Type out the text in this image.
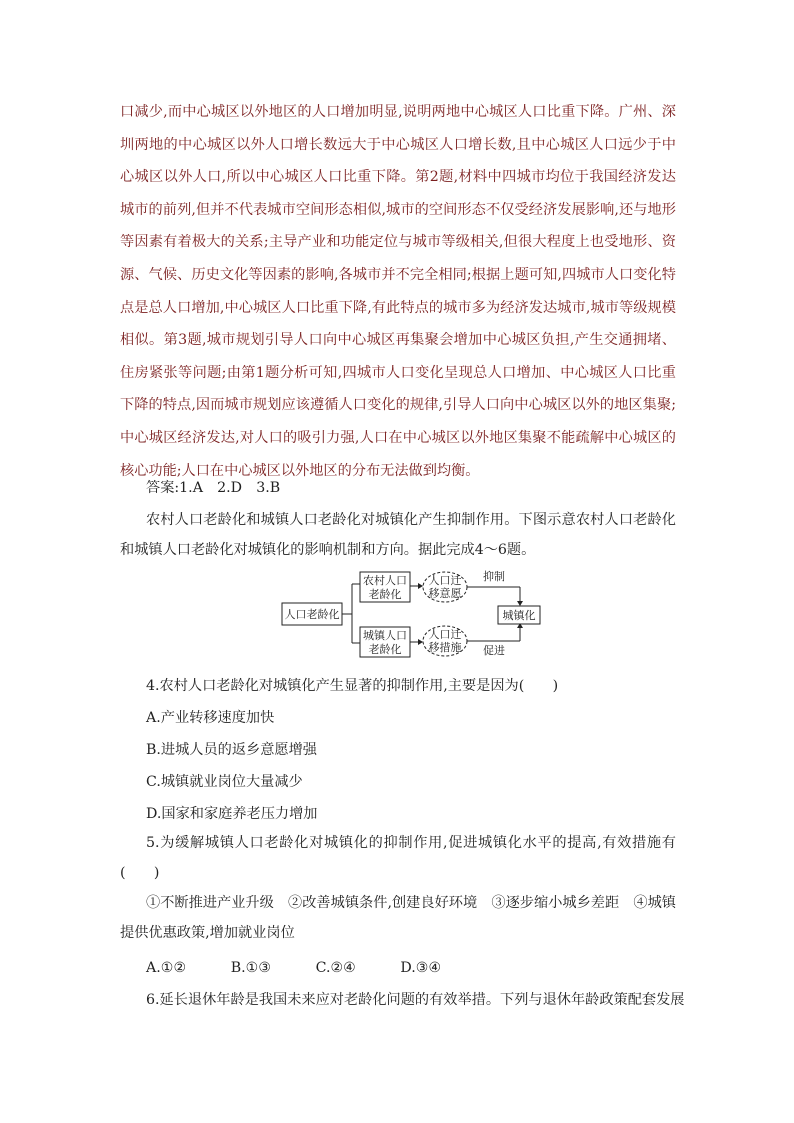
口减少,而中心城区以外地区的人口增加明显,说明两地中心城区人口比重下降。广州、深圳两地的中心城区以外人口增长数远大于中心城区人口增长数,且中心城区人口远少于中心城区以外人口,所以中心城区人口比重下降。第2题,材料中四城市均位于我国经济发达城市的前列,但并不代表城市空间形态相似,城市的空间形态不仅受经济发展影响,还与地形等因素有着极大的关系;主导产业和功能定位与城市等级相关,但很大程度上也受地形、资源、气候、历史文化等因素的影响,各城市并不完全相同;根据上题可知,四城市人口变化特点是总人口增加,中心城区人口比重下降,有此特点的城市多为经济发达城市,城市等级规模相似。第3题,城市规划引导人口向中心城区再集聚会增加中心城区负担,产生交通拥堵、住房紧张等问题;由第1题分析可知,四城市人口变化呈现总人口增加、中心城区人口比重下降的特点,因而城市规划应该遵循人口变化的规律,引导人口向中心城区以外的地区集聚;中心城区经济发达,对人口的吸引力强,人口在中心城区以外地区集聚不能疏解中心城区的核心功能;人口在中心城区以外地区的分布无法做到均衡。
答案:1.A　2.D　3.B
农村人口老龄化和城镇人口老龄化对城镇化产生抑制作用。下图示意农村人口老龄化和城镇人口老龄化对城镇化的影响机制和方向。据此完成4～6题。
人口老龄化
农村人口
老龄化
城镇人口
老龄化
人口迁
移意愿
人口迁
移措施
抑制
促进
城镇化
4.农村人口老龄化对城镇化产生显著的抑制作用,主要是因为(　　)
A.产业转移速度加快
B.进城人员的返乡意愿增强
C.城镇就业岗位大量减少
D.国家和家庭养老压力增加
5.为缓解城镇人口老龄化对城镇化的抑制作用,促进城镇化水平的提高,有效措施有(　　)
①不断推进产业升级　②改善城镇条件,创建良好环境　③逐步缩小城乡差距　④城镇提供优惠政策,增加就业岗位
A.①②	B.①③	C.②④	D.③④
6.延长退休年龄是我国未来应对老龄化问题的有效举措。下列与退休年龄政策配套发展
